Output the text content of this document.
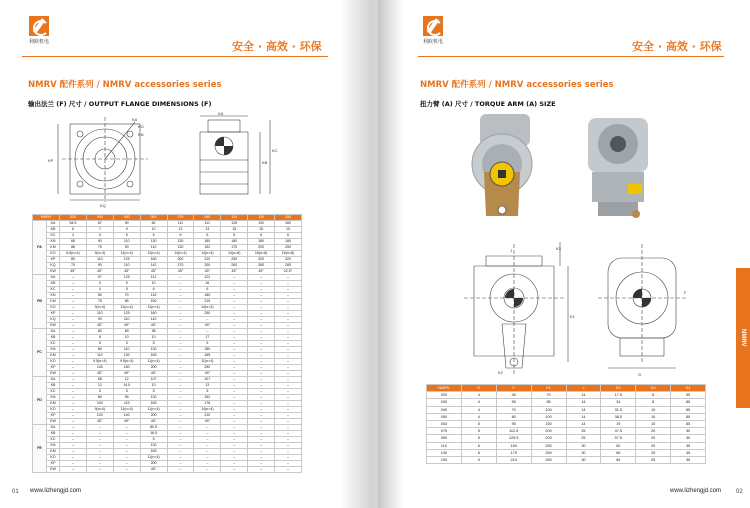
利欧机电	安全 · 高效 · 环保
NMRV 配件系列 / NMRV accessories series
输出法兰 (F) 尺寸 / OUTPUT FLANGE DIMENSIONS (F)
KA
KO
KN
KP
KQ
KA
KB
KC
NMRV		030	040	050	063	075	090	110	130	150
FA	KA	54.5	67	90	82	111	111	128	192	160
	KB	6	7	9	10	13	13	15	15	15
	KC	4	4	5	6	6	6	6	6	6
	KN	68	90	110	130	130	180	180	180	180
	KM	88	75	90	110	130	152	170	200	250
	KO	6.5(n=4)	9(n=4)	11(n=4)	11(n=4)	14(n=4)	14(n=4)	14(n=8)	16(n=8)	16(n=8)
	KP	89	110	125	180	200	210	250	320	320
	KQ	70	90	110	142	170	200	260	280	280
	KW	45°	45°	45°	45°	45°	45°	45°	45°	22.5°
FB	KA	–	97	125	112	–	122	–	–	–
	KB	–	9	9	10	–	16	–	–	–
	KC	–	4	5	6	–	6	–	–	–
	KN	–	60	70	115	–	180	–	–	–
	KM	–	75	85	150	–	215	–	–	–
	KO	–	9(n=4)	11(n=4)	11(n=4)	–	14(n=4)	–	–	–
	KP	–	110	125	180	–	250	–	–	–
	KQ	–	90	110	142	–	–	–	–	–
	KW	–	45°	45°	45°	–	45°	–	–	–
FC	KA	–	80	89	98	–	–	–	–	–
	KB	–	8	10	10	–	17	–	–	–
	KC	–	5	5	5	–	5	–	–	–
	KN	–	80	110	130	–	180	–	–	–
	KM	–	110	130	165	–	165	–	–	–
	KO	–	9.5(n=4)	9.5(n=4)	11(n=4)	–	11(n=4)	–	–	–
	KP	–	140	160	200	–	250	–	–	–
	KW	–	45°	45°	45°	–	45°	–	–	–
FD	KA	–	68	12	107	–	107	–	–	–
	KB	–	12	14.5	10	–	13	–	–	–
	KC	–	5	5	5	–	5	–	–	–
	KN	–	80	95	130	–	152	–	–	–
	KM	–	100	115	165	–	176	–	–	–
	KO	–	9(n=4)	11(n=4)	11(n=4)	–	14(n=4)	–	–	–
	KP	–	120	140	200	–	210	–	–	–
	KW	–	45°	45°	45°	–	45°	–	–	–
FE	KA	–	–	–	80.5	–	–	–	–	–
	KB	–	–	–	16.5	–	–	–	–	–
	KC	–	–	–	5	–	–	–	–	–
	KN	–	–	–	130	–	–	–	–	–
	KM	–	–	–	165	–	–	–	–	–
	KO	–	–	–	11(n=4)	–	–	–	–	–
	KP	–	–	–	200	–	–	–	–	–
	KW	–	–	–	45°	–	–	–	–	–
01 www.lizhengjd.com
利欧机电	安全 · 高效 · 环保
NMRV 配件系列 / NMRV accessories series
扭力臂 (A) 尺寸 / TORQUE ARM (A) SIZE
K1
K3
J
F
G
K2
NMRV	G	F	K1	J	K2	K3	K4
025	4	45	70	14	17.5	8	55
030	4	55	85	14	24	8	85
040	4	70	100	14	31.5	10	85
050	4	80	100	14	38.5	10	85
063	5	95	150	14	19	10	85
075	5	112.5	200	25	47.5	20	30
090	5	129.5	200	25	57.5	20	30
110	6	150	250	30	62	20	35
130	6	179	250	30	69	25	35
150	9	210	250	30	84	25	35
NMRV
www.lizhengjd.com 02
